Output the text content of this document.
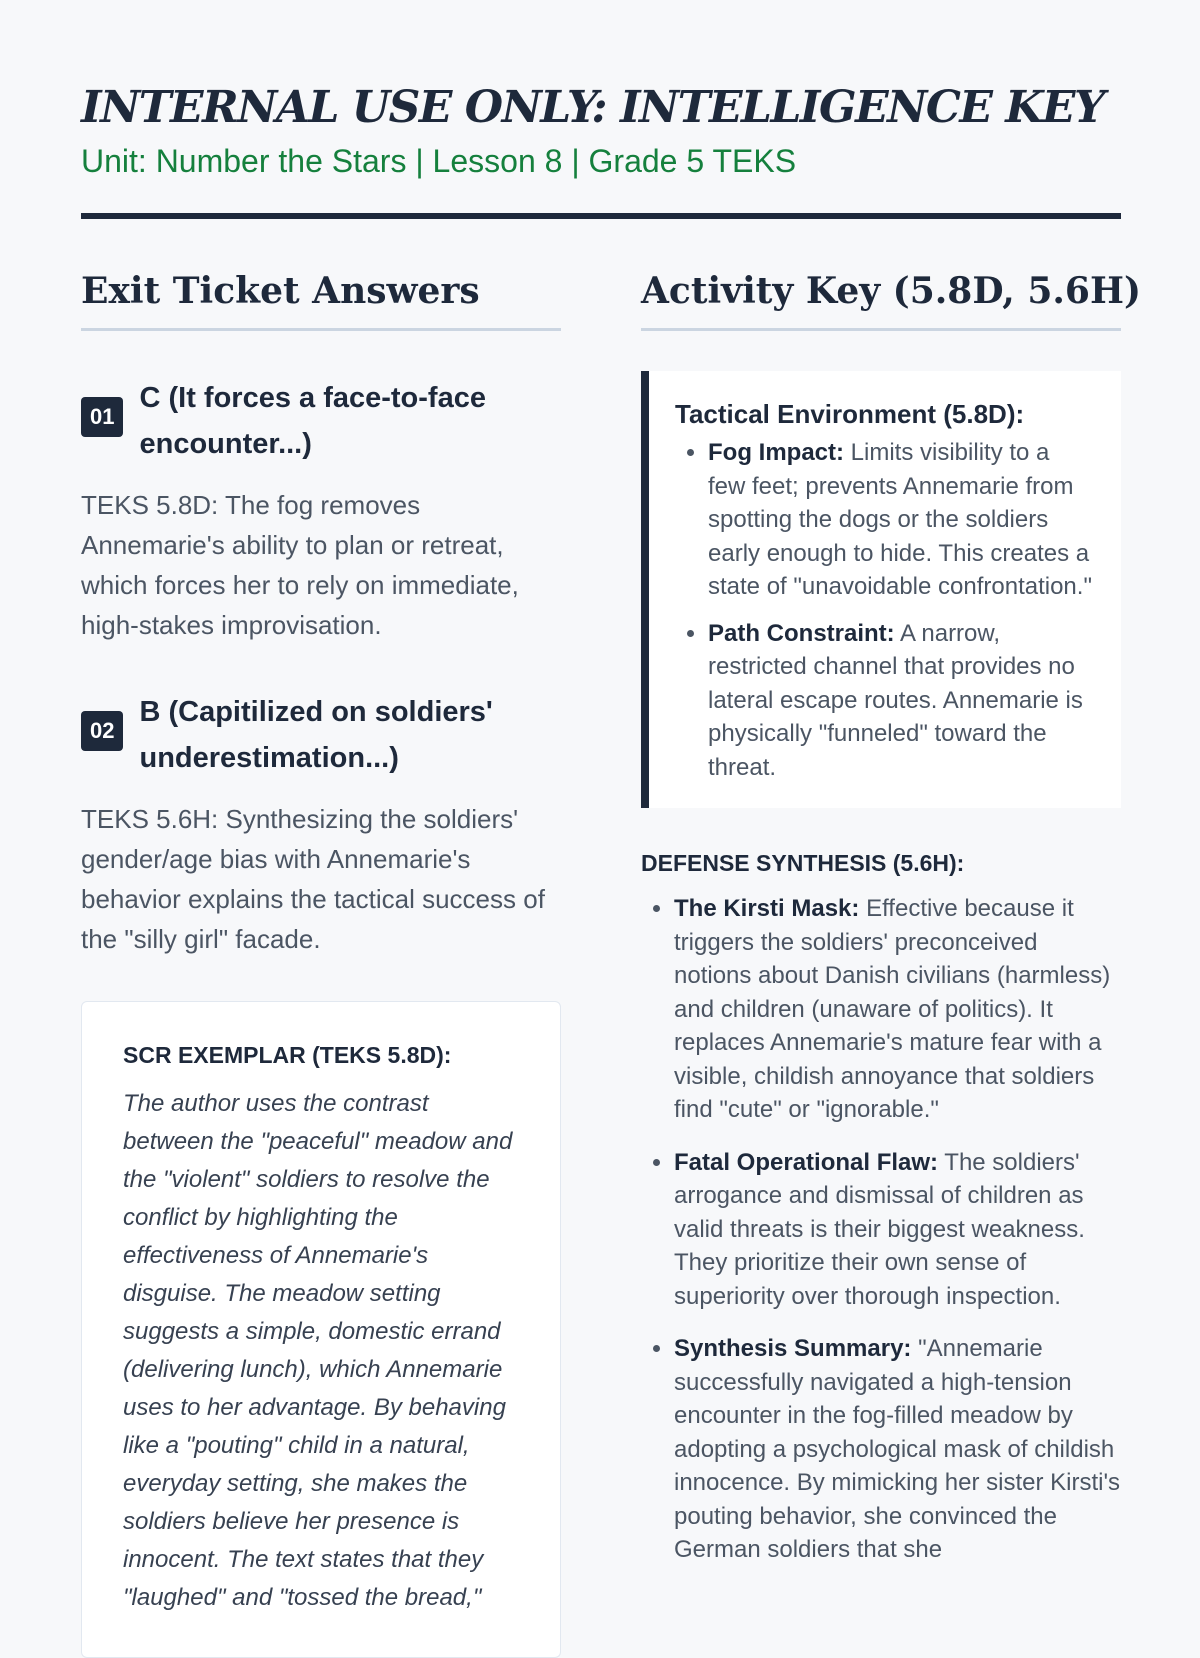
INTERNAL USE ONLY: INTELLIGENCE KEY
Unit: Number the Stars | Lesson 8 | Grade 5 TEKS
Exit Ticket Answers
01
C (It forces a face-to-face encounter...)
TEKS 5.8D: The fog removes Annemarie's ability to plan or retreat, which forces her to rely on immediate, high-stakes improvisation.
02
B (Capitilized on soldiers' underestimation...)
TEKS 5.6H: Synthesizing the soldiers' gender/age bias with Annemarie's behavior explains the tactical success of the "silly girl" facade.
SCR EXEMPLAR (TEKS 5.8D):
The author uses the contrast between the "peaceful" meadow and the "violent" soldiers to resolve the conflict by highlighting the effectiveness of Annemarie's disguise. The meadow setting suggests a simple, domestic errand (delivering lunch), which Annemarie uses to her advantage. By behaving like a "pouting" child in a natural, everyday setting, she makes the soldiers believe her presence is innocent. The text states that they "laughed" and "tossed the bread,"
Activity Key (5.8D, 5.6H)
Tactical Environment (5.8D):
• Fog Impact: Limits visibility to a few feet; prevents Annemarie from spotting the dogs or the soldiers early enough to hide. This creates a state of "unavoidable confrontation."
• Path Constraint: A narrow, restricted channel that provides no lateral escape routes. Annemarie is physically "funneled" toward the threat.
DEFENSE SYNTHESIS (5.6H):
• The Kirsti Mask: Effective because it triggers the soldiers' preconceived notions about Danish civilians (harmless) and children (unaware of politics). It replaces Annemarie's mature fear with a visible, childish annoyance that soldiers find "cute" or "ignorable."
• Fatal Operational Flaw: The soldiers' arrogance and dismissal of children as valid threats is their biggest weakness. They prioritize their own sense of superiority over thorough inspection.
• Synthesis Summary: "Annemarie successfully navigated a high-tension encounter in the fog-filled meadow by adopting a psychological mask of childish innocence. By mimicking her sister Kirsti's pouting behavior, she convinced the German soldiers that she
